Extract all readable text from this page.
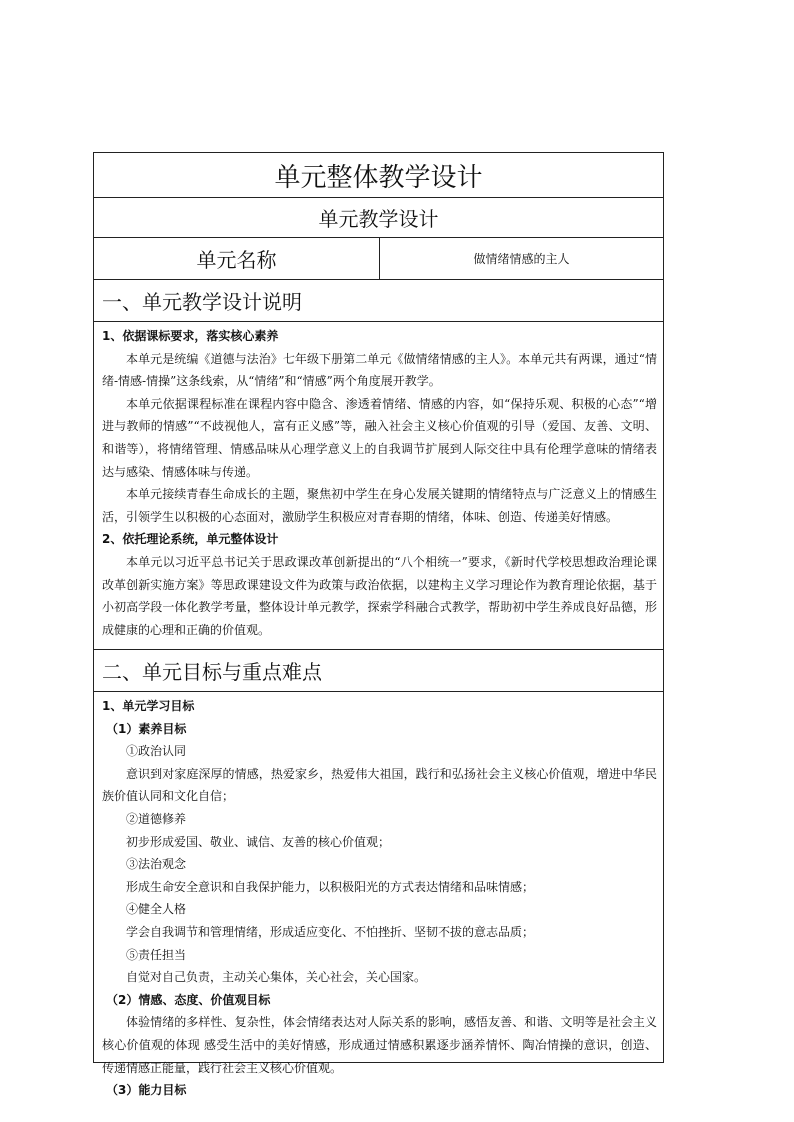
单元整体教学设计
单元教学设计
单元名称	做情绪情感的主人
一、单元教学设计说明

1、依据课标要求，落实核心素养

本单元是统编《道德与法治》七年级下册第二单元《做情绪情感的主人》。本单元共有两课，通过“情绪-情感-情操”这条线索，从“情绪”和“情感”两个角度展开教学。

本单元依据课程标准在课程内容中隐含、渗透着情绪、情感的内容，如“保持乐观、积极的心态”“增进与教师的情感”“不歧视他人，富有正义感”等，融入社会主义核心价值观的引导（爱国、友善、文明、和谐等），将情绪管理、情感品味从心理学意义上的自我调节扩展到人际交往中具有伦理学意味的情绪表达与感染、情感体味与传递。

本单元接续青春生命成长的主题，聚焦初中学生在身心发展关键期的情绪特点与广泛意义上的情感生活，引领学生以积极的心态面对，激励学生积极应对青春期的情绪，体味、创造、传递美好情感。

2、依托理论系统，单元整体设计

本单元以习近平总书记关于思政课改革创新提出的“八个相统一”要求，《新时代学校思想政治理论课改革创新实施方案》等思政课建设文件为政策与政治依据，以建构主义学习理论作为教育理论依据，基于小初高学段一体化教学考量，整体设计单元教学，探索学科融合式教学，帮助初中学生养成良好品德，形成健康的心理和正确的价值观。

二、单元目标与重点难点

1、单元学习目标

（1）素养目标

①政治认同

意识到对家庭深厚的情感，热爱家乡，热爱伟大祖国，践行和弘扬社会主义核心价值观，增进中华民族价值认同和文化自信；

②道德修养

初步形成爱国、敬业、诚信、友善的核心价值观；

③法治观念

形成生命安全意识和自我保护能力，以积极阳光的方式表达情绪和品味情感；

④健全人格

学会自我调节和管理情绪，形成适应变化、不怕挫折、坚韧不拔的意志品质；

⑤责任担当

自觉对自己负责，主动关心集体，关心社会，关心国家。

（2）情感、态度、价值观目标

体验情绪的多样性、复杂性，体会情绪表达对人际关系的影响，感悟友善、和谐、文明等是社会主义核心价值观的体现 感受生活中的美好情感，形成通过情感积累逐步涵养情怀、陶冶情操的意识，创造、传递情感正能量，践行社会主义核心价值观。

（3）能力目标
